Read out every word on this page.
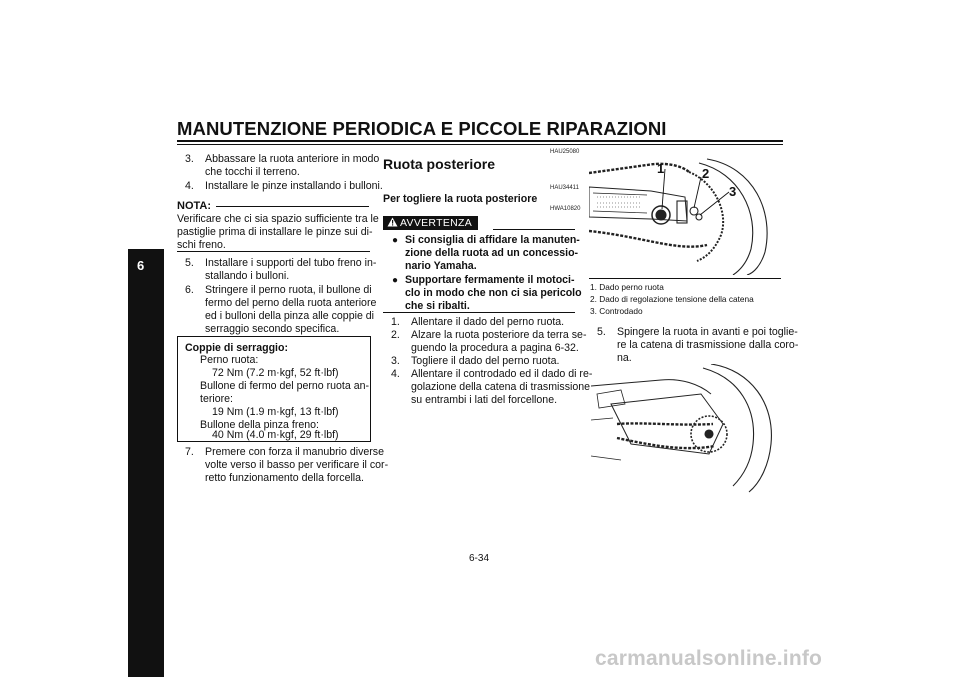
MANUTENZIONE PERIODICA E PICCOLE RIPARAZIONI
6
3. Abbassare la ruota anteriore in modo
che tocchi il terreno.
4. Installare le pinze installando i bulloni.
NOTA:
Verificare che ci sia spazio sufficiente tra le
pastiglie prima di installare le pinze sui di-
schi freno.
5. Installare i supporti del tubo freno in-
stallando i bulloni.
6. Stringere il perno ruota, il bullone di
fermo del perno della ruota anteriore
ed i bulloni della pinza alle coppie di
serraggio secondo specifica.
Coppie di serraggio:
Perno ruota:
72 Nm (7.2 m·kgf, 52 ft·lbf)
Bullone di fermo del perno ruota an-
teriore:
19 Nm (1.9 m·kgf, 13 ft·lbf)
Bullone della pinza freno:
40 Nm (4.0 m·kgf, 29 ft·lbf)
7. Premere con forza il manubrio diverse
volte verso il basso per verificare il cor-
retto funzionamento della forcella.
HAU25080
Ruota posteriore
HAU34411
Per togliere la ruota posteriore
HWA10820
AVVERTENZA
● Si consiglia di affidare la manuten-
zione della ruota ad un concessio-
nario Yamaha.
● Supportare fermamente il motoci-
clo in modo che non ci sia pericolo
che si ribalti.
1. Allentare il dado del perno ruota.
2. Alzare la ruota posteriore da terra se-
guendo la procedura a pagina 6-32.
3. Togliere il dado del perno ruota.
4. Allentare il controdado ed il dado di re-
golazione della catena di trasmissione
su entrambi i lati del forcellone.
1	2
3
1. Dado perno ruota
2. Dado di regolazione tensione della catena
3. Controdado
5. Spingere la ruota in avanti e poi toglie-
re la catena di trasmissione dalla coro-
na.
6-34
carmanualsonline.info
